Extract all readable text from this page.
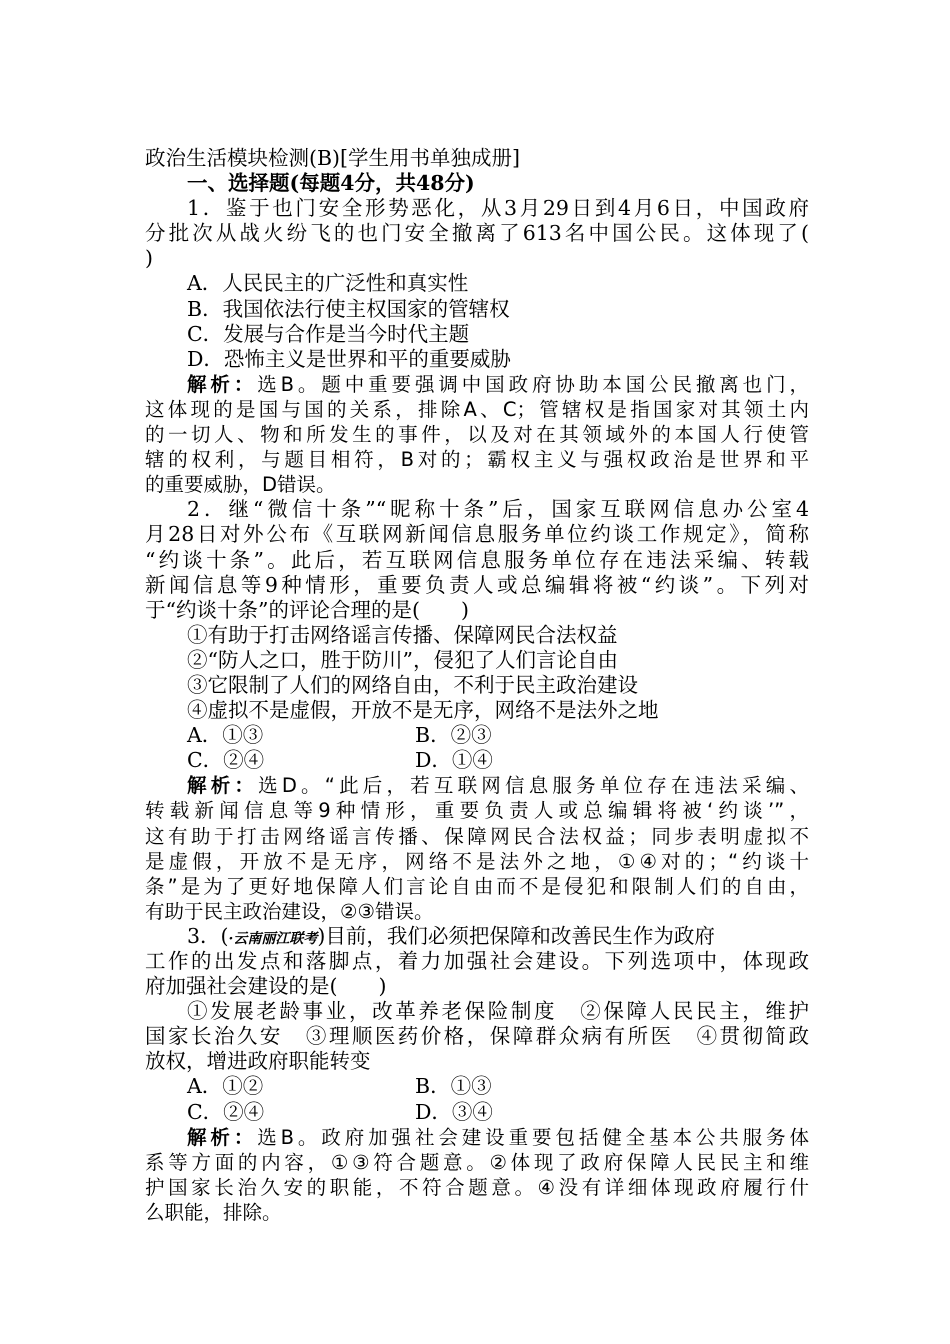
政治生活模块检测(B)[学生用书单独成册]
一、选择题(每题4分，共48分)
1．鉴于也门安全形势恶化，从3月29日到4月6日，中国政府
分批次从战火纷飞的也门安全撤离了613名中国公民。这体现了(
)
A．人民民主的广泛性和真实性
B．我国依法行使主权国家的管辖权
C．发展与合作是当今时代主题
D．恐怖主义是世界和平的重要威胁
解析：选B。题中重要强调中国政府协助本国公民撤离也门，
这体现的是国与国的关系，排除A、C；管辖权是指国家对其领土内
的一切人、物和所发生的事件，以及对在其领域外的本国人行使管
辖的权利，与题目相符，B对的；霸权主义与强权政治是世界和平
的重要威胁，D错误。
2．继“微信十条”“昵称十条”后，国家互联网信息办公室4
月28日对外公布《互联网新闻信息服务单位约谈工作规定》，简称
“约谈十条”。此后，若互联网信息服务单位存在违法采编、转载
新闻信息等9种情形，重要负责人或总编辑将被“约谈”。下列对
于“约谈十条”的评论合理的是(　　)
①有助于打击网络谣言传播、保障网民合法权益
②“防人之口，胜于防川”，侵犯了人们言论自由
③它限制了人们的网络自由，不利于民主政治建设
④虚拟不是虚假，开放不是无序，网络不是法外之地
A．①③	B．②③
C．②④	D．①④
解析：选D。“此后，若互联网信息服务单位存在违法采编、
转载新闻信息等9种情形，重要负责人或总编辑将被‘约谈’”，
这有助于打击网络谣言传播、保障网民合法权益；同步表明虚拟不
是虚假，开放不是无序，网络不是法外之地，①④对的；“约谈十
条”是为了更好地保障人们言论自由而不是侵犯和限制人们的自由，
有助于民主政治建设，②③错误。
3．(·云南丽江联考)目前，我们必须把保障和改善民生作为政府
工作的出发点和落脚点，着力加强社会建设。下列选项中，体现政
府加强社会建设的是(　　)
①发展老龄事业，改革养老保险制度　②保障人民民主，维护
国家长治久安　③理顺医药价格，保障群众病有所医　④贯彻简政
放权，增进政府职能转变
A．①②	B．①③
C．②④	D．③④
解析：选B。政府加强社会建设重要包括健全基本公共服务体
系等方面的内容，①③符合题意。②体现了政府保障人民民主和维
护国家长治久安的职能，不符合题意。④没有详细体现政府履行什
么职能，排除。
